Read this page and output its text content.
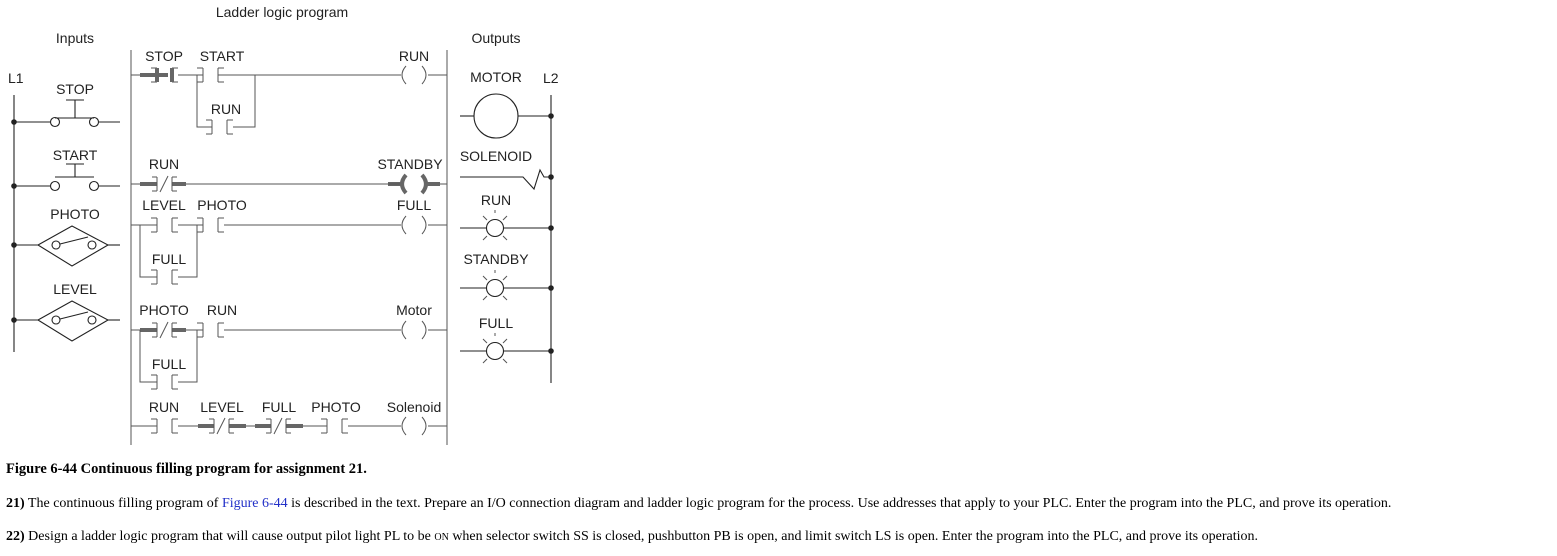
Ladder logic program
Inputs	Outputs
L1
STOP
START
PHOTO
LEVEL
STOP START	RUN
RUN
RUN	STANDBY
LEVEL PHOTO	FULL
FULL
PHOTO RUN	Motor
FULL
RUN LEVEL FULL PHOTO Solenoid
L2
MOTOR
SOLENOID
RUN
STANDBY
FULL
Figure 6-44 Continuous filling program for assignment 21.
21) The continuous filling program of Figure 6-44 is described in the text. Prepare an I/O connection diagram and ladder logic program for the process. Use addresses that apply to your PLC. Enter the program into the PLC, and prove its operation.
22) Design a ladder logic program that will cause output pilot light PL to be ON when selector switch SS is closed, pushbutton PB is open, and limit switch LS is open. Enter the program into the PLC, and prove its operation.
